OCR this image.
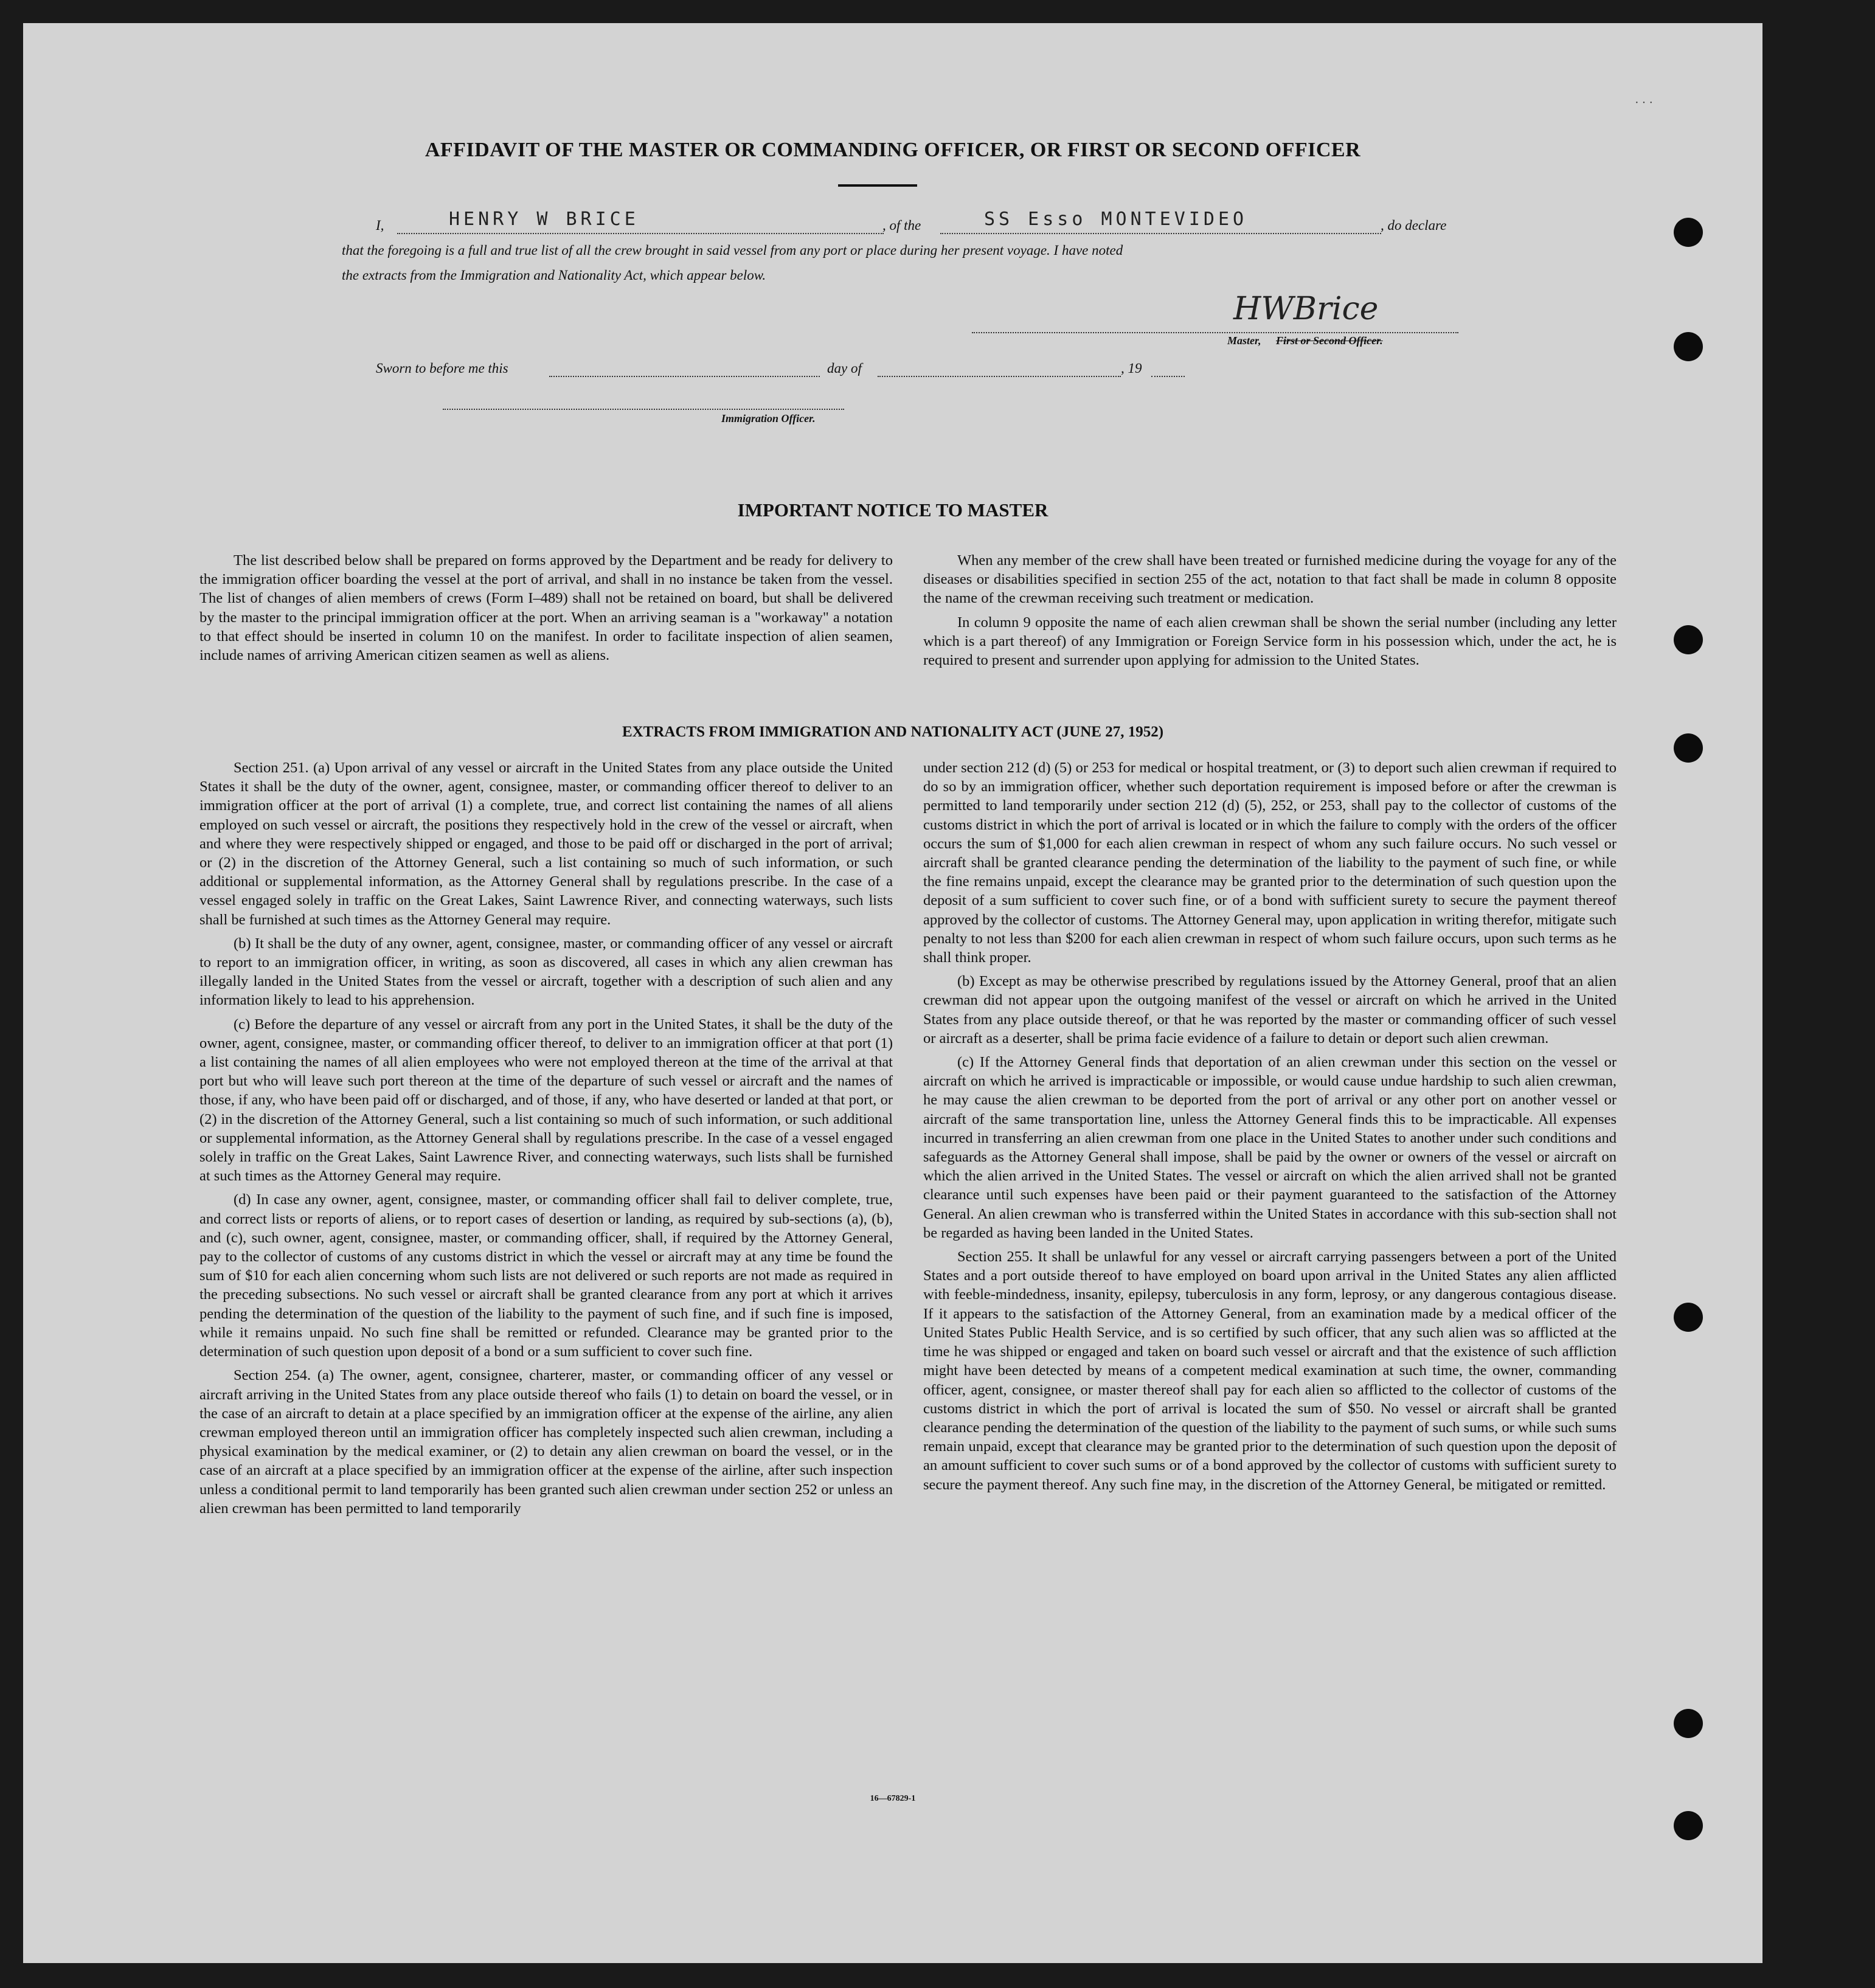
· · ·
AFFIDAVIT OF THE MASTER OR COMMANDING OFFICER, OR FIRST OR SECOND OFFICER
I,	HENRY W BRICE	, of the	SS Esso MONTEVIDEO	, do declare
that the foregoing is a full and true list of all the crew brought in said vessel from any port or place during her present voyage. I have noted
the extracts from the Immigration and Nationality Act, which appear below.
HWBrice
Master, First or Second Officer.
Sworn to before me this	day of	, 19
Immigration Officer.
IMPORTANT NOTICE TO MASTER

The list described below shall be prepared on forms approved by the Department and be ready for delivery to the immigration officer boarding the vessel at the port of arrival, and shall in no instance be taken from the vessel. The list of changes of alien members of crews (Form I–489) shall not be retained on board, but shall be delivered by the master to the principal immigration officer at the port. When an arriving seaman is a "workaway" a notation to that effect should be inserted in column 10 on the manifest. In order to facilitate inspection of alien seamen, include names of arriving American citizen seamen as well as aliens.

When any member of the crew shall have been treated or furnished medicine during the voyage for any of the diseases or disabilities specified in section 255 of the act, notation to that fact shall be made in column 8 opposite the name of the crewman receiving such treatment or medication.

In column 9 opposite the name of each alien crewman shall be shown the serial number (including any letter which is a part thereof) of any Immigration or Foreign Service form in his possession which, under the act, he is required to present and surrender upon applying for admission to the United States.

EXTRACTS FROM IMMIGRATION AND NATIONALITY ACT (JUNE 27, 1952)

Section 251. (a) Upon arrival of any vessel or aircraft in the United States from any place outside the United States it shall be the duty of the owner, agent, consignee, master, or commanding officer thereof to deliver to an immigration officer at the port of arrival (1) a complete, true, and correct list containing the names of all aliens employed on such vessel or aircraft, the positions they respectively hold in the crew of the vessel or aircraft, when and where they were respectively shipped or engaged, and those to be paid off or discharged in the port of arrival; or (2) in the discretion of the Attorney General, such a list containing so much of such information, or such additional or supplemental information, as the Attorney General shall by regulations prescribe. In the case of a vessel engaged solely in traffic on the Great Lakes, Saint Lawrence River, and connecting waterways, such lists shall be furnished at such times as the Attorney General may require.

(b) It shall be the duty of any owner, agent, consignee, master, or commanding officer of any vessel or aircraft to report to an immigration officer, in writing, as soon as discovered, all cases in which any alien crewman has illegally landed in the United States from the vessel or aircraft, together with a description of such alien and any information likely to lead to his apprehension.

(c) Before the departure of any vessel or aircraft from any port in the United States, it shall be the duty of the owner, agent, consignee, master, or commanding officer thereof, to deliver to an immigration officer at that port (1) a list containing the names of all alien employees who were not employed thereon at the time of the arrival at that port but who will leave such port thereon at the time of the departure of such vessel or aircraft and the names of those, if any, who have been paid off or discharged, and of those, if any, who have deserted or landed at that port, or (2) in the discretion of the Attorney General, such a list containing so much of such information, or such additional or supplemental information, as the Attorney General shall by regulations prescribe. In the case of a vessel engaged solely in traffic on the Great Lakes, Saint Lawrence River, and connecting waterways, such lists shall be furnished at such times as the Attorney General may require.

(d) In case any owner, agent, consignee, master, or commanding officer shall fail to deliver complete, true, and correct lists or reports of aliens, or to report cases of desertion or landing, as required by sub-sections (a), (b), and (c), such owner, agent, consignee, master, or commanding officer, shall, if required by the Attorney General, pay to the collector of customs of any customs district in which the vessel or aircraft may at any time be found the sum of $10 for each alien concerning whom such lists are not delivered or such reports are not made as required in the preceding subsections. No such vessel or aircraft shall be granted clearance from any port at which it arrives pending the determination of the question of the liability to the payment of such fine, and if such fine is imposed, while it remains unpaid. No such fine shall be remitted or refunded. Clearance may be granted prior to the determination of such question upon deposit of a bond or a sum sufficient to cover such fine.

Section 254. (a) The owner, agent, consignee, charterer, master, or commanding officer of any vessel or aircraft arriving in the United States from any place outside thereof who fails (1) to detain on board the vessel, or in the case of an aircraft to detain at a place specified by an immigration officer at the expense of the airline, any alien crewman employed thereon until an immigration officer has completely inspected such alien crewman, including a physical examination by the medical examiner, or (2) to detain any alien crewman on board the vessel, or in the case of an aircraft at a place specified by an immigration officer at the expense of the airline, after such inspection unless a conditional permit to land temporarily has been granted such alien crewman under section 252 or unless an alien crewman has been permitted to land temporarily

under section 212 (d) (5) or 253 for medical or hospital treatment, or (3) to deport such alien crewman if required to do so by an immigration officer, whether such deportation requirement is imposed before or after the crewman is permitted to land temporarily under section 212 (d) (5), 252, or 253, shall pay to the collector of customs of the customs district in which the port of arrival is located or in which the failure to comply with the orders of the officer occurs the sum of $1,000 for each alien crewman in respect of whom any such failure occurs. No such vessel or aircraft shall be granted clearance pending the determination of the liability to the payment of such fine, or while the fine remains unpaid, except the clearance may be granted prior to the determination of such question upon the deposit of a sum sufficient to cover such fine, or of a bond with sufficient surety to secure the payment thereof approved by the collector of customs. The Attorney General may, upon application in writing therefor, mitigate such penalty to not less than $200 for each alien crewman in respect of whom such failure occurs, upon such terms as he shall think proper.

(b) Except as may be otherwise prescribed by regulations issued by the Attorney General, proof that an alien crewman did not appear upon the outgoing manifest of the vessel or aircraft on which he arrived in the United States from any place outside thereof, or that he was reported by the master or commanding officer of such vessel or aircraft as a deserter, shall be prima facie evidence of a failure to detain or deport such alien crewman.

(c) If the Attorney General finds that deportation of an alien crewman under this section on the vessel or aircraft on which he arrived is impracticable or impossible, or would cause undue hardship to such alien crewman, he may cause the alien crewman to be deported from the port of arrival or any other port on another vessel or aircraft of the same transportation line, unless the Attorney General finds this to be impracticable. All expenses incurred in transferring an alien crewman from one place in the United States to another under such conditions and safeguards as the Attorney General shall impose, shall be paid by the owner or owners of the vessel or aircraft on which the alien arrived in the United States. The vessel or aircraft on which the alien arrived shall not be granted clearance until such expenses have been paid or their payment guaranteed to the satisfaction of the Attorney General. An alien crewman who is transferred within the United States in accordance with this sub-section shall not be regarded as having been landed in the United States.

Section 255. It shall be unlawful for any vessel or aircraft carrying passengers between a port of the United States and a port outside thereof to have employed on board upon arrival in the United States any alien afflicted with feeble-mindedness, insanity, epilepsy, tuberculosis in any form, leprosy, or any dangerous contagious disease. If it appears to the satisfaction of the Attorney General, from an examination made by a medical officer of the United States Public Health Service, and is so certified by such officer, that any such alien was so afflicted at the time he was shipped or engaged and taken on board such vessel or aircraft and that the existence of such affliction might have been detected by means of a competent medical examination at such time, the owner, commanding officer, agent, consignee, or master thereof shall pay for each alien so afflicted to the collector of customs of the customs district in which the port of arrival is located the sum of $50. No vessel or aircraft shall be granted clearance pending the determination of the question of the liability to the payment of such sums, or while such sums remain unpaid, except that clearance may be granted prior to the determination of such question upon the deposit of an amount sufficient to cover such sums or of a bond approved by the collector of customs with sufficient surety to secure the payment thereof. Any such fine may, in the discretion of the Attorney General, be mitigated or remitted.

16—67829-1
